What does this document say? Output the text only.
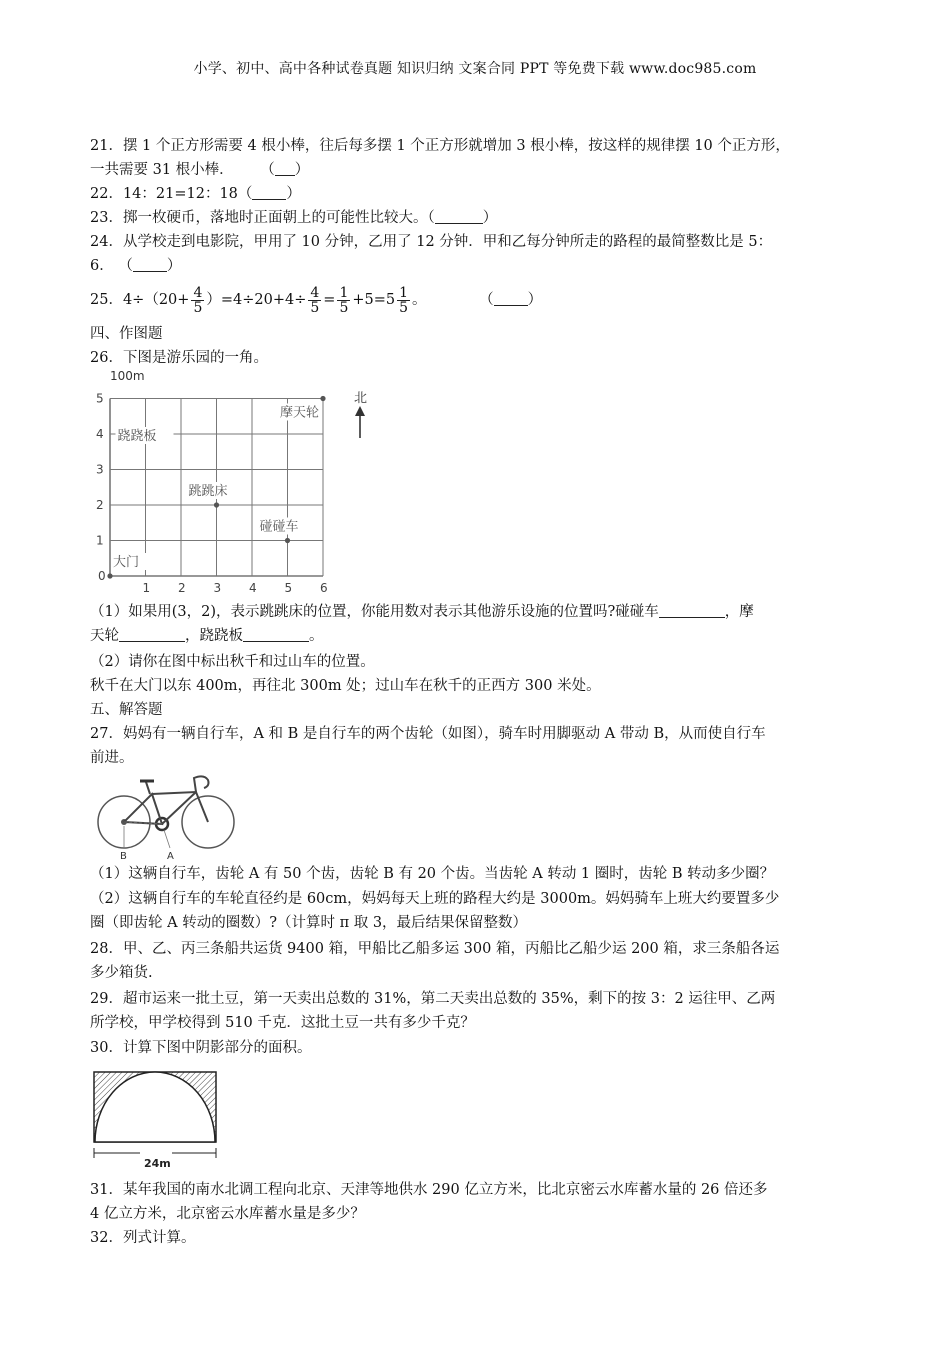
小学、初中、高中各种试卷真题 知识归纳 文案合同 PPT 等免费下载 www.doc985.com
21．摆 1 个正方形需要 4 根小棒，往后每多摆 1 个正方形就增加 3 根小棒，按这样的规律摆 10 个正方形，
一共需要 31 根小棒． （ ）
22．14：21=12：18（ ）
23．掷一枚硬币，落地时正面朝上的可能性比较大。（	）
24．从学校走到电影院，甲用了 10 分钟，乙用了 12 分钟．甲和乙每分钟所走的路程的最简整数比是 5：
6． （ ）
25．$4\div(20+ \frac{4}{5} )=4\div 20+4\div \frac{4}{5} = \frac{1}{5} +5=5 \frac{1}{5}$ 。	（ ）
四、作图题
26．下图是游乐园的一角。
0
1 2 3 4 5 6
1
2
3
4
5
跷跷板
摩天轮
跳跳床
碰碰车
大门
100m
北
（1）如果用(3，2)，表示跳跳床的位置，你能用数对表示其他游乐设施的位置吗?碰碰车	，摩
天轮	，跷跷板	。
（2）请你在图中标出秋千和过山车的位置。
秋千在大门以东 400m，再往北 300m 处；过山车在秋千的正西方 300 米处。
五、解答题
27．妈妈有一辆自行车，A 和 B 是自行车的两个齿轮（如图），骑车时用脚驱动 A 带动 B，从而使自行车
前进。
B	A
（1）这辆自行车，齿轮 A 有 50 个齿，齿轮 B 有 20 个齿。当齿轮 A 转动 1 圈时，齿轮 B 转动多少圈？
（2）这辆自行车的车轮直径约是 60cm，妈妈每天上班的路程大约是 3000m。妈妈骑车上班大约要置多少
圈（即齿轮 A 转动的圈数）?（计算时 π 取 3，最后结果保留整数）
28．甲、乙、丙三条船共运货 9400 箱，甲船比乙船多运 300 箱，丙船比乙船少运 200 箱，求三条船各运
多少箱货.
29．超市运来一批土豆，第一天卖出总数的 31%，第二天卖出总数的 35%，剩下的按 3：2 运往甲、乙两
所学校，甲学校得到 510 千克．这批土豆一共有多少千克？
30．计算下图中阴影部分的面积。
24m
31．某年我国的南水北调工程向北京、天津等地供水 290 亿立方米，比北京密云水库蓄水量的 26 倍还多
4 亿立方米，北京密云水库蓄水量是多少？
32．列式计算。
